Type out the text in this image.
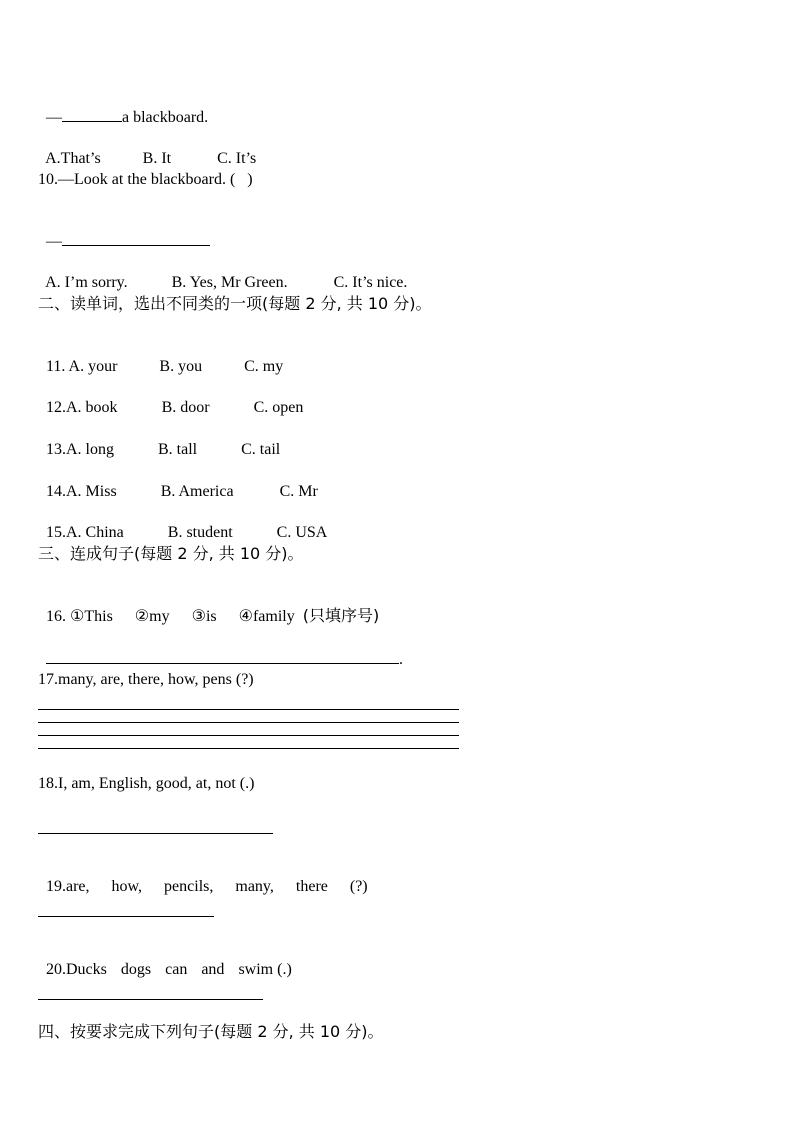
—	a blackboard.

A.That’s	B. It	C. It’s

10.—Look at the blackboard. (   )

—

A. I’m sorry.	B. Yes, Mr Green.	C. It’s nice.

二、读单词，选出不同类的一项(每题 2 分, 共 10 分)。

11. A. your	B. you	C. my

12.A. book	B. door	C. open

13.A. long	B. tall	C. tail

14.A. Miss	B. America	C. Mr

15.A. China	B. student	C. USA

三、连成句子(每题 2 分, 共 10 分)。

16. ①This ②my ③is ④family (只填序号)

.

17.many, are, there, how, pens (?)
18.I, am, English, good, at, not (.)

19.are, how, pencils, many, there (?)

20.Ducks dogs can and swim (.)

四、按要求完成下列句子(每题 2 分, 共 10 分)。
